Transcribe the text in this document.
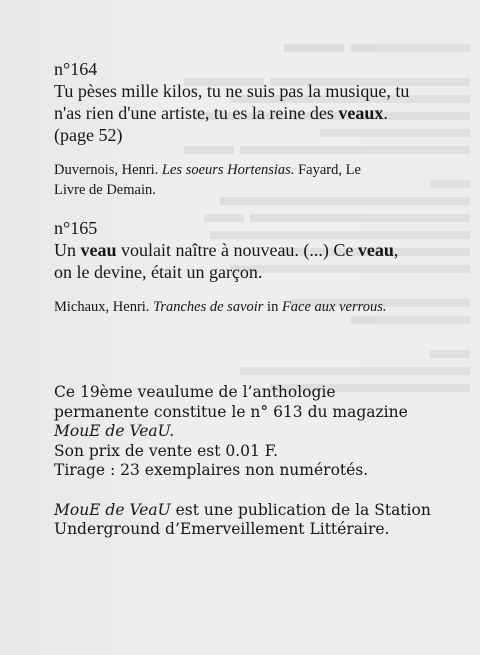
n°164

Tu pèses mille kilos, tu ne suis pas la musique, tu
n'as rien d'une artiste, tu es la reine des veaux.
(page 52)

Duvernois, Henri. Les soeurs Hortensias. Fayard, Le
Livre de Demain.

n°165

Un veau voulait naître à nouveau. (...) Ce veau,
on le devine, était un garçon.

Michaux, Henri. Tranches de savoir in Face aux verrous.

Ce 19ème veaulume de l’anthologie
permanente constitue le n° 613 du magazine
MouE de VeaU.
Son prix de vente est 0.01 F.
Tirage : 23 exemplaires non numérotés.

MouE de VeaU est une publication de la Station
Underground d’Emerveillement Littéraire.
